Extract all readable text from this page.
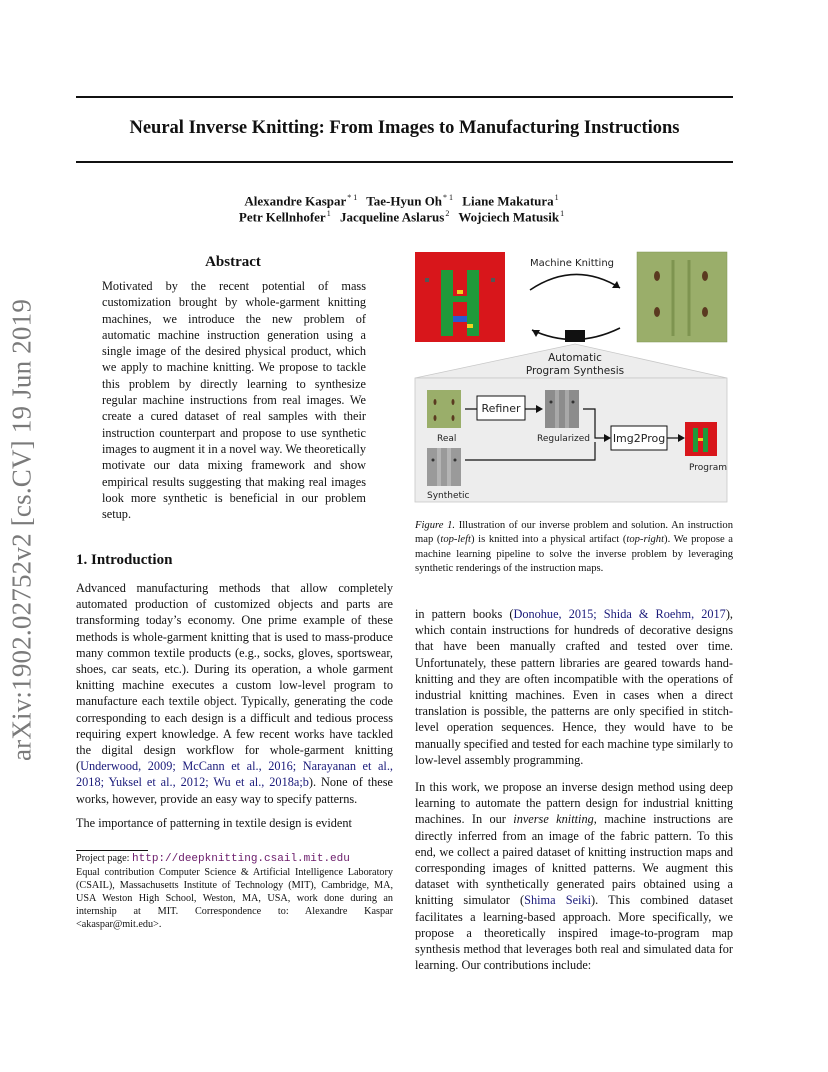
Neural Inverse Knitting: From Images to Manufacturing Instructions
Alexandre Kaspar$^{* 1}$ Tae-Hyun Oh$^{* 1}$ Liane Makatura$^1$
Petr Kellnhofer$^1$ Jacqueline Aslarus$^2$ Wojciech Matusik$^1$
arXiv:1902.02752v2 [cs.CV] 19 Jun 2019
Abstract

Motivated by the recent potential of mass customization brought by whole-garment knitting machines, we introduce the new problem of automatic machine instruction generation using a single image of the desired physical product, which we apply to machine knitting. We propose to tackle this problem by directly learning to synthesize regular machine instructions from real images. We create a cured dataset of real samples with their instruction counterpart and propose to use synthetic images to augment it in a novel way. We theoretically motivate our data mixing framework and show empirical results suggesting that making real images look more synthetic is beneficial in our problem setup.

1. Introduction

Advanced manufacturing methods that allow completely automated production of customized objects and parts are transforming today’s economy. One prime example of these methods is whole-garment knitting that is used to mass-produce many common textile products (e.g., socks, gloves, sportswear, shoes, car seats, etc.). During its operation, a whole garment knitting machine executes a custom low-level program to manufacture each textile object. Typically, generating the code corresponding to each design is a difficult and tedious process requiring expert knowledge. A few recent works have tackled the digital design workflow for whole-garment knitting (Underwood, 2009; McCann et al., 2016; Narayanan et al., 2018; Yuksel et al., 2012; Wu et al., 2018a;b). None of these works, however, provide an easy way to specify patterns.

The importance of patterning in textile design is evident

Project page: http://deepknitting.csail.mit.edu
Equal contribution Computer Science & Artificial Intelligence Laboratory (CSAIL), Massachusetts Institute of Technology (MIT), Cambridge, MA, USA Weston High School, Weston, MA, USA, work done during an internship at MIT. Correspondence to: Alexandre Kaspar <akaspar@mit.edu>.
Machine Knitting
Automatic
Program Synthesis
Real
Refiner
Regularized Img2Prog
Program
Synthetic
Figure 1. Illustration of our inverse problem and solution. An instruction map (top-left) is knitted into a physical artifact (top-right). We propose a machine learning pipeline to solve the inverse problem by leveraging synthetic renderings of the instruction maps.

in pattern books (Donohue, 2015; Shida & Roehm, 2017), which contain instructions for hundreds of decorative designs that have been manually crafted and tested over time. Unfortunately, these pattern libraries are geared towards hand-knitting and they are often incompatible with the operations of industrial knitting machines. Even in cases when a direct translation is possible, the patterns are only specified in stitch-level operation sequences. Hence, they would have to be manually specified and tested for each machine type similarly to low-level assembly programming.

In this work, we propose an inverse design method using deep learning to automate the pattern design for industrial knitting machines. In our inverse knitting, machine instructions are directly inferred from an image of the fabric pattern. To this end, we collect a paired dataset of knitting instruction maps and corresponding images of knitted patterns. We augment this dataset with synthetically generated pairs obtained using a knitting simulator (Shima Seiki). This combined dataset facilitates a learning-based approach. More specifically, we propose a theoretically inspired image-to-program map synthesis method that leverages both real and simulated data for learning. Our contributions include:
